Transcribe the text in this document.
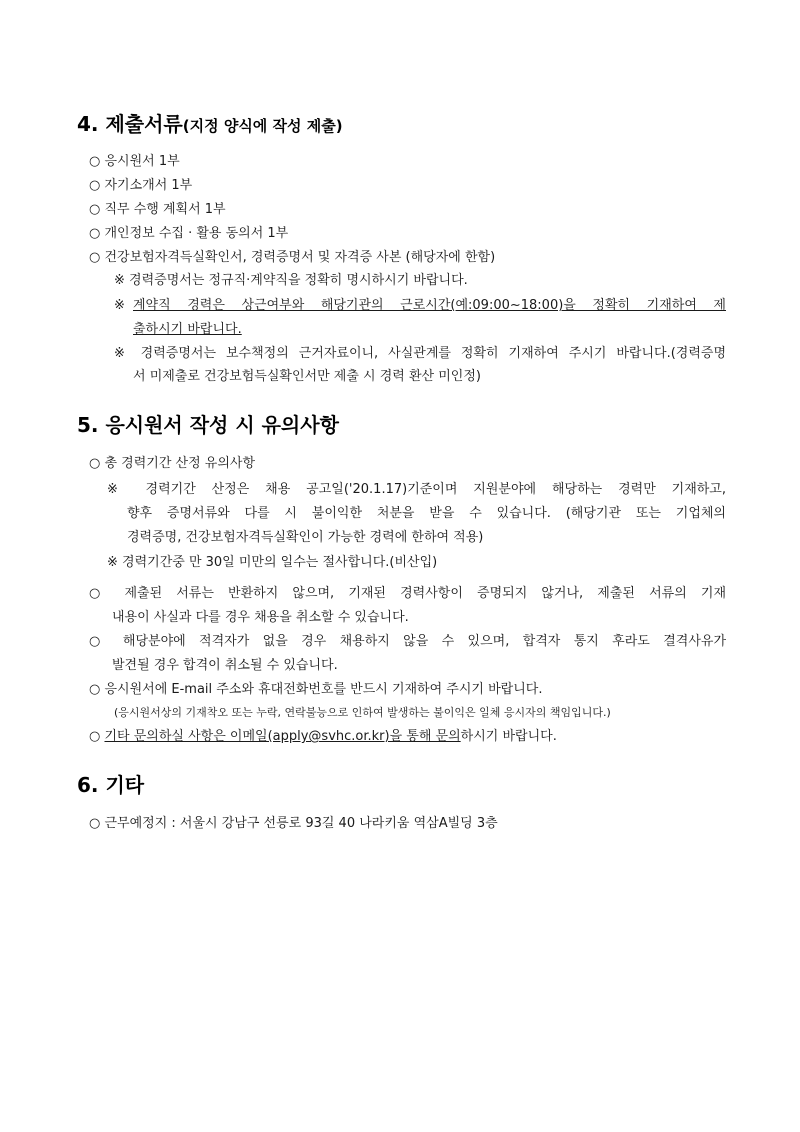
4. 제출서류(지정 양식에 작성 제출)
○ 응시원서 1부
○ 자기소개서 1부
○ 직무 수행 계획서 1부
○ 개인정보 수집 · 활용 동의서 1부
○ 건강보험자격득실확인서, 경력증명서 및 자격증 사본 (해당자에 한함)
※ 경력증명서는 정규직·계약직을 정확히 명시하시기 바랍니다.
※ 계약직 경력은 상근여부와 해당기관의 근로시간(예:09:00~18:00)을 정확히 기재하여 제
출하시기 바랍니다.
※ 경력증명서는 보수책정의 근거자료이니, 사실관계를 정확히 기재하여 주시기 바랍니다.(경력증명
서 미제출로 건강보험득실확인서만 제출 시 경력 환산 미인정)
5. 응시원서 작성 시 유의사항
○ 총 경력기간 산정 유의사항
※ 경력기간 산정은 채용 공고일('20.1.17)기준이며 지원분야에 해당하는 경력만 기재하고,
향후 증명서류와 다를 시 불이익한 처분을 받을 수 있습니다. (해당기관 또는 기업체의
경력증명, 건강보험자격득실확인이 가능한 경력에 한하여 적용)
※ 경력기간중 만 30일 미만의 일수는 절사합니다.(비산입)
○ 제출된 서류는 반환하지 않으며, 기재된 경력사항이 증명되지 않거나, 제출된 서류의 기재
내용이 사실과 다를 경우 채용을 취소할 수 있습니다.
○ 해당분야에 적격자가 없을 경우 채용하지 않을 수 있으며, 합격자 통지 후라도 결격사유가
발견될 경우 합격이 취소될 수 있습니다.
○ 응시원서에 E-mail 주소와 휴대전화번호를 반드시 기재하여 주시기 바랍니다.
(응시원서상의 기재착오 또는 누락, 연락불능으로 인하여 발생하는 불이익은 일체 응시자의 책임입니다.)
○ 기타 문의하실 사항은 이메일(apply@svhc.or.kr)을 통해 문의하시기 바랍니다.
6. 기타
○ 근무예정지 : 서울시 강남구 선릉로 93길 40 나라키움 역삼A빌딩 3층
